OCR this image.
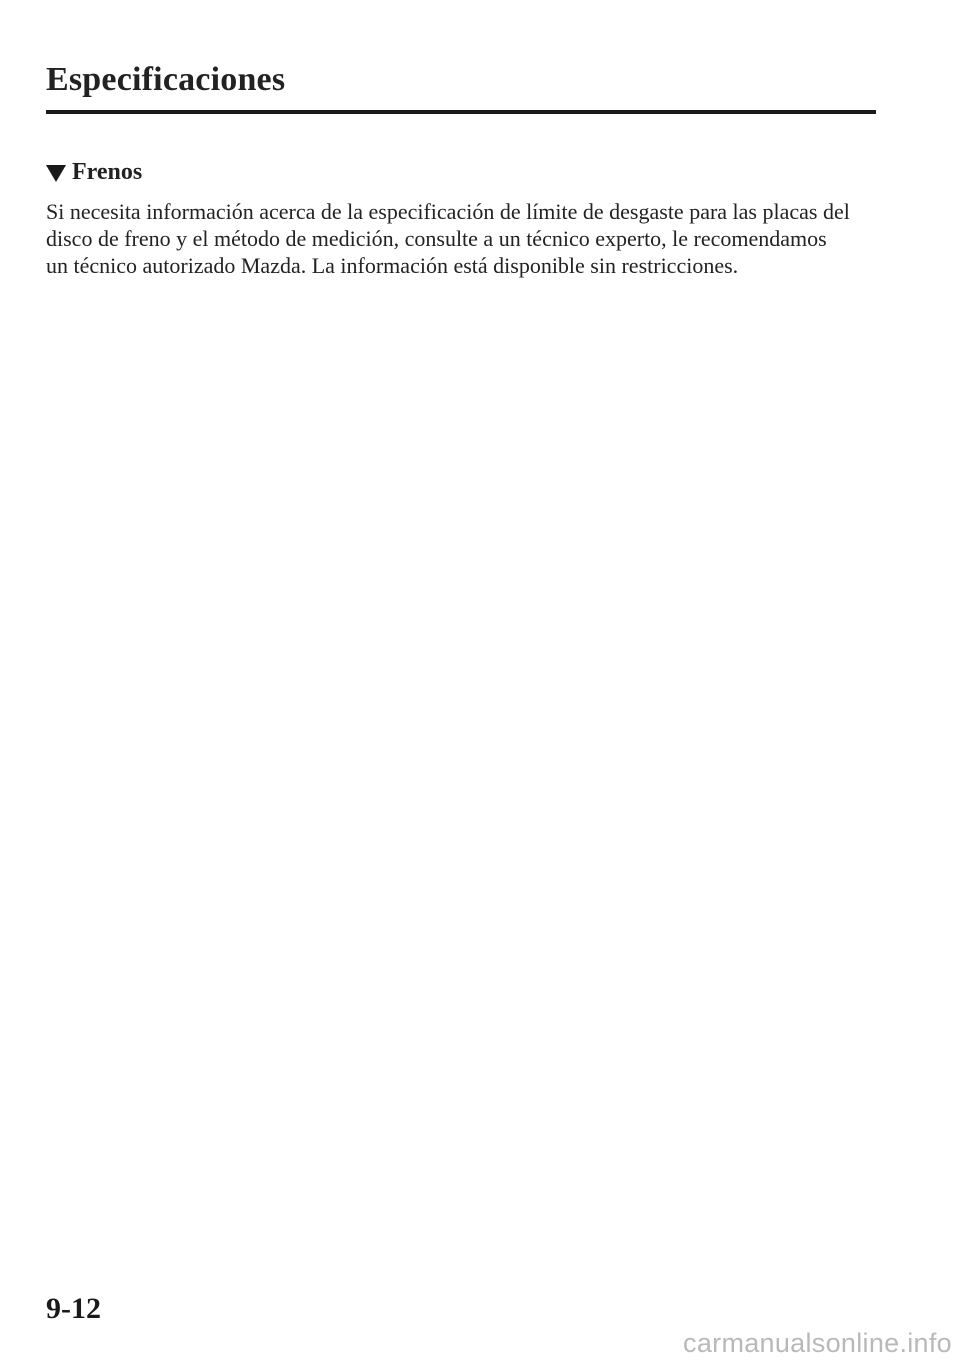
Especificaciones
Frenos

Si necesita información acerca de la especificación de límite de desgaste para las placas del
disco de freno y el método de medición, consulte a un técnico experto, le recomendamos
un técnico autorizado Mazda. La información está disponible sin restricciones.

9-12
carmanualsonline.info
